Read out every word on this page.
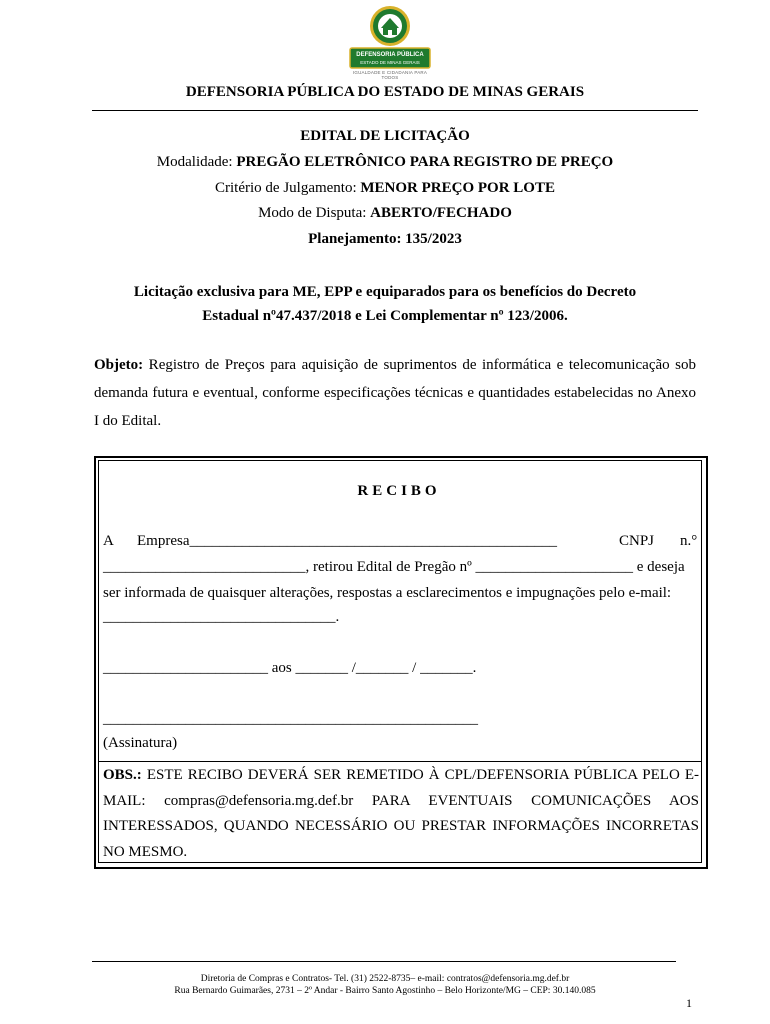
DEFENSORIA PÚBLICA
ESTADO DE MINAS GERAIS
IGUALDADE E CIDADANIA PARA TODOS
DEFENSORIA PÚBLICA DO ESTADO DE MINAS GERAIS
EDITAL DE LICITAÇÃO
Modalidade: PREGÃO ELETRÔNICO PARA REGISTRO DE PREÇO
Critério de Julgamento: MENOR PREÇO POR LOTE
Modo de Disputa: ABERTO/FECHADO
Planejamento: 135/2023
Licitação exclusiva para ME, EPP e equiparados para os benefícios do Decreto
Estadual nº47.437/2018 e Lei Complementar nº 123/2006.
Objeto: Registro de Preços para aquisição de suprimentos de informática e telecomunicação sob demanda futura e eventual, conforme especificações técnicas e quantidades estabelecidas no Anexo I do Edital.
RECIBO
A Empresa_________________________________________________	CNPJ n.°
___________________________, retirou Edital de Pregão nº _____________________ e deseja
ser informada de quaisquer alterações, respostas a esclarecimentos e impugnações pelo e-mail:
_______________________________.
______________________ aos _______ /_______ / _______.
__________________________________________________
(Assinatura)
OBS.: ESTE RECIBO DEVERÁ SER REMETIDO À CPL/DEFENSORIA PÚBLICA PELO E-MAIL: compras@defensoria.mg.def.br PARA EVENTUAIS COMUNICAÇÕES AOS INTERESSADOS, QUANDO NECESSÁRIO OU PRESTAR INFORMAÇÕES INCORRETAS NO MESMO.
Diretoria de Compras e Contratos- Tel. (31) 2522-8735– e-mail: contratos@defensoria.mg.def.br
Rua Bernardo Guimarães, 2731 – 2º Andar - Bairro Santo Agostinho – Belo Horizonte/MG – CEP: 30.140.085
1
